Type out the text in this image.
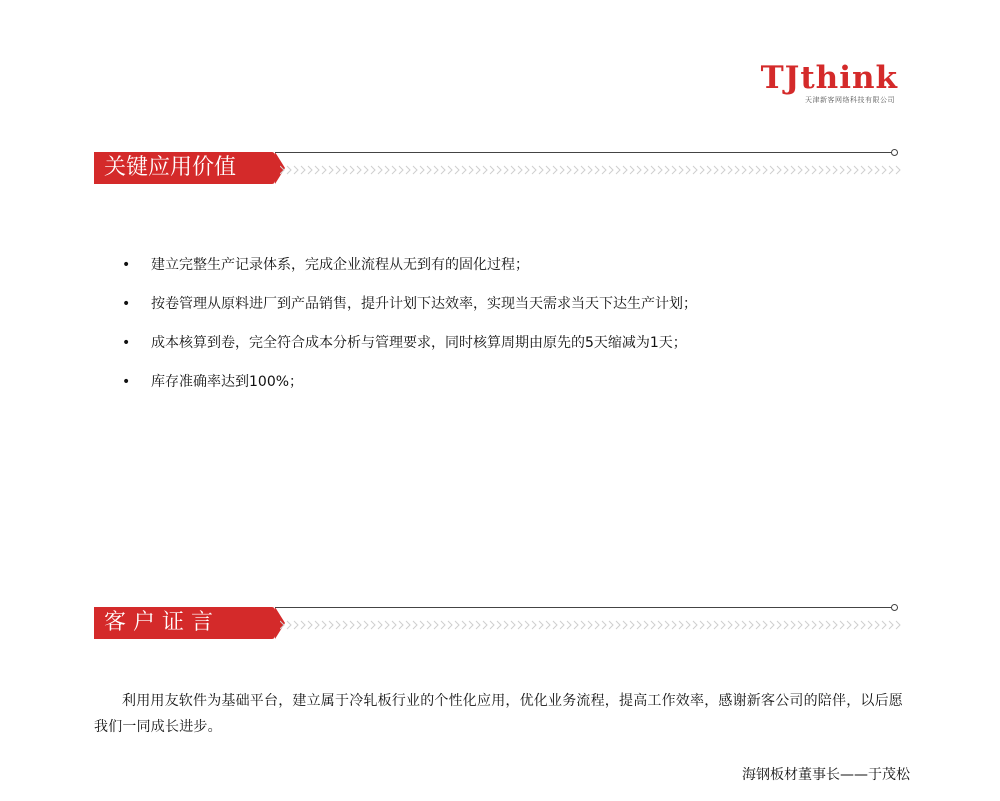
TJthink
天津新客网络科技有限公司
关键应用价值
• 建立完整生产记录体系，完成企业流程从无到有的固化过程；
• 按卷管理从原料进厂到产品销售，提升计划下达效率，实现当天需求当天下达生产计划；
• 成本核算到卷，完全符合成本分析与管理要求，同时核算周期由原先的5天缩减为1天；
• 库存准确率达到100%；
客 户 证 言

利用用友软件为基础平台，建立属于冷轧板行业的个性化应用，优化业务流程，提高工作效率，感谢新客公司的陪伴，以后愿我们一同成长进步。

海钢板材董事长——于茂松
